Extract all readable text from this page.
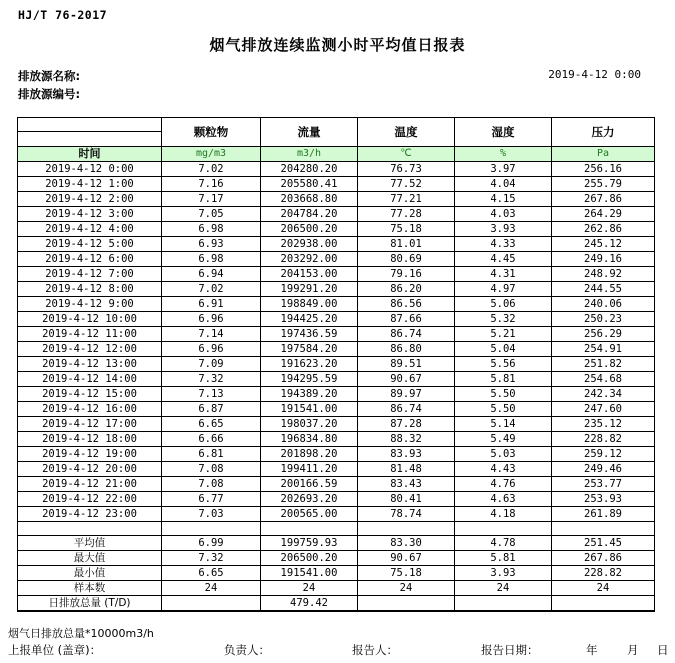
HJ/T 76-2017
烟气排放连续监测小时平均值日报表
排放源名称:
排放源编号:
2019-4-12 0:00
	颗粒物	流量	温度	湿度	压力
时间	mg/m3	m3/h	℃	%	Pa
2019-4-12 0:00	7.02	204280.20	76.73	3.97	256.16
2019-4-12 1:00	7.16	205580.41	77.52	4.04	255.79
2019-4-12 2:00	7.17	203668.80	77.21	4.15	267.86
2019-4-12 3:00	7.05	204784.20	77.28	4.03	264.29
2019-4-12 4:00	6.98	206500.20	75.18	3.93	262.86
2019-4-12 5:00	6.93	202938.00	81.01	4.33	245.12
2019-4-12 6:00	6.98	203292.00	80.69	4.45	249.16
2019-4-12 7:00	6.94	204153.00	79.16	4.31	248.92
2019-4-12 8:00	7.02	199291.20	86.20	4.97	244.55
2019-4-12 9:00	6.91	198849.00	86.56	5.06	240.06
2019-4-12 10:00	6.96	194425.20	87.66	5.32	250.23
2019-4-12 11:00	7.14	197436.59	86.74	5.21	256.29
2019-4-12 12:00	6.96	197584.20	86.80	5.04	254.91
2019-4-12 13:00	7.09	191623.20	89.51	5.56	251.82
2019-4-12 14:00	7.32	194295.59	90.67	5.81	254.68
2019-4-12 15:00	7.13	194389.20	89.97	5.50	242.34
2019-4-12 16:00	6.87	191541.00	86.74	5.50	247.60
2019-4-12 17:00	6.65	198037.20	87.28	5.14	235.12
2019-4-12 18:00	6.66	196834.80	88.32	5.49	228.82
2019-4-12 19:00	6.81	201898.20	83.93	5.03	259.12
2019-4-12 20:00	7.08	199411.20	81.48	4.43	249.46
2019-4-12 21:00	7.08	200166.59	83.43	4.76	253.77
2019-4-12 22:00	6.77	202693.20	80.41	4.63	253.93
2019-4-12 23:00	7.03	200565.00	78.74	4.18	261.89

平均值	6.99	199759.93	83.30	4.78	251.45
最大值	7.32	206500.20	90.67	5.81	267.86
最小值	6.65	191541.00	75.18	3.93	228.82
样本数	24	24	24	24	24
日排放总量 (T/D)		479.42			
烟气日排放总量*10000m3/h
上报单位 (盖章)：	负责人：	报告人：	报告日期：	年	月 日
